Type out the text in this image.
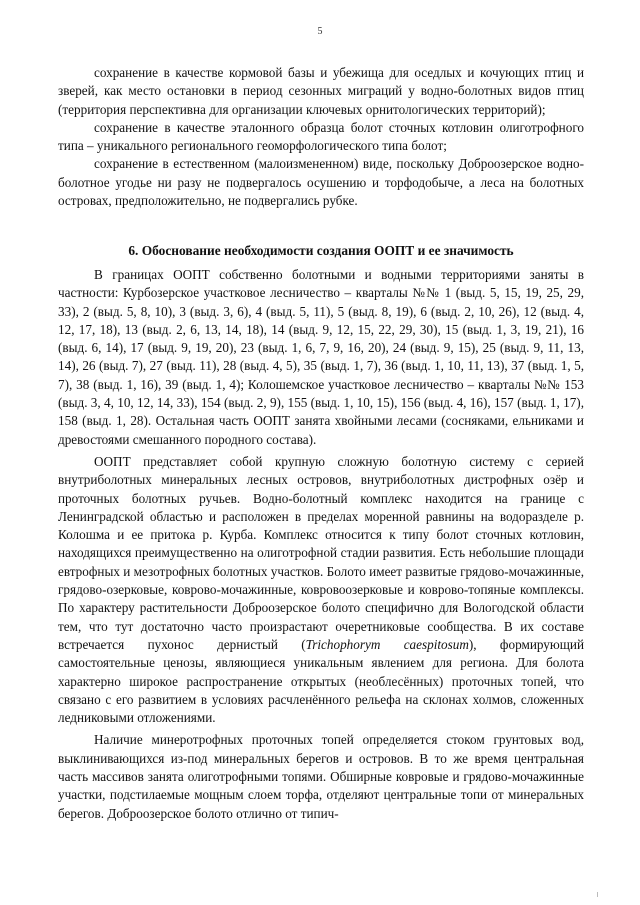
5

сохранение в качестве кормовой базы и убежища для оседлых и кочующих птиц и зверей, как место остановки в период сезонных миграций у водно-болотных видов птиц (территория перспективна для организации ключевых орнитологических территорий);

сохранение в качестве эталонного образца болот сточных котловин олиготрофного типа – уникального регионального геоморфологического типа болот;

сохранение в естественном (малоизмененном) виде, поскольку Доброозерское водно-болотное угодье ни разу не подвергалось осушению и торфодобыче, а леса на болотных островах, предположительно, не подвергались рубке.

6. Обоснование необходимости создания ООПТ и ее значимость

В границах ООПТ собственно болотными и водными территориями заняты в частности: Курбозерское участковое лесничество – кварталы №№ 1 (выд. 5, 15, 19, 25, 29, 33), 2 (выд. 5, 8, 10), 3 (выд. 3, 6), 4 (выд. 5, 11), 5 (выд. 8, 19), 6 (выд. 2, 10, 26), 12 (выд. 4, 12, 17, 18), 13 (выд. 2, 6, 13, 14, 18), 14 (выд. 9, 12, 15, 22, 29, 30), 15 (выд. 1, 3, 19, 21), 16 (выд. 6, 14), 17 (выд. 9, 19, 20), 23 (выд. 1, 6, 7, 9, 16, 20), 24 (выд. 9, 15), 25 (выд. 9, 11, 13, 14), 26 (выд. 7), 27 (выд. 11), 28 (выд. 4, 5), 35 (выд. 1, 7), 36 (выд. 1, 10, 11, 13), 37 (выд. 1, 5, 7), 38 (выд. 1, 16), 39 (выд. 1, 4); Колошемское участковое лесничество – кварталы №№ 153 (выд. 3, 4, 10, 12, 14, 33), 154 (выд. 2, 9), 155 (выд. 1, 10, 15), 156 (выд. 4, 16), 157 (выд. 1, 17), 158 (выд. 1, 28). Остальная часть ООПТ занята хвойными лесами (сосняками, ельниками и древостоями смешанного породного состава).

ООПТ представляет собой крупную сложную болотную систему с серией внутриболотных минеральных лесных островов, внутриболотных дистрофных озёр и проточных болотных ручьев. Водно-болотный комплекс находится на границе с Ленинградской областью и расположен в пределах моренной равнины на водоразделе р. Колошма и ее притока р. Курба. Комплекс относится к типу болот сточных котловин, находящихся преимущественно на олиготрофной стадии развития. Есть небольшие площади евтрофных и мезотрофных болотных участков. Болото имеет развитые грядово-мочажинные, грядово-озерковые, ковровo-мочажинные, ковровоозерковые и ковровo-топяные комплексы. По характеру растительности Доброозерское болото специфично для Вологодской области тем, что тут достаточно часто произрастают очеретниковые сообщества. В их составе встречается пухонос дернистый (Trichophorym caespitosum), формирующий самостоятельные ценозы, являющиеся уникальным явлением для региона. Для болота характерно широкое распространение открытых (необлесённых) проточных топей, что связано с его развитием в условиях расчленённого рельефа на склонах холмов, сложенных ледниковыми отложениями.

Наличие минеротрофных проточных топей определяется стоком грунтовых вод, выклинивающихся из-под минеральных берегов и островов. В то же время центральная часть массивов занята олиготрофными топями. Обширные ковровые и грядово-мочажинные участки, подстилаемые мощным слоем торфа, отделяют центральные топи от минеральных берегов. Доброозерское болото отлично от типич-
